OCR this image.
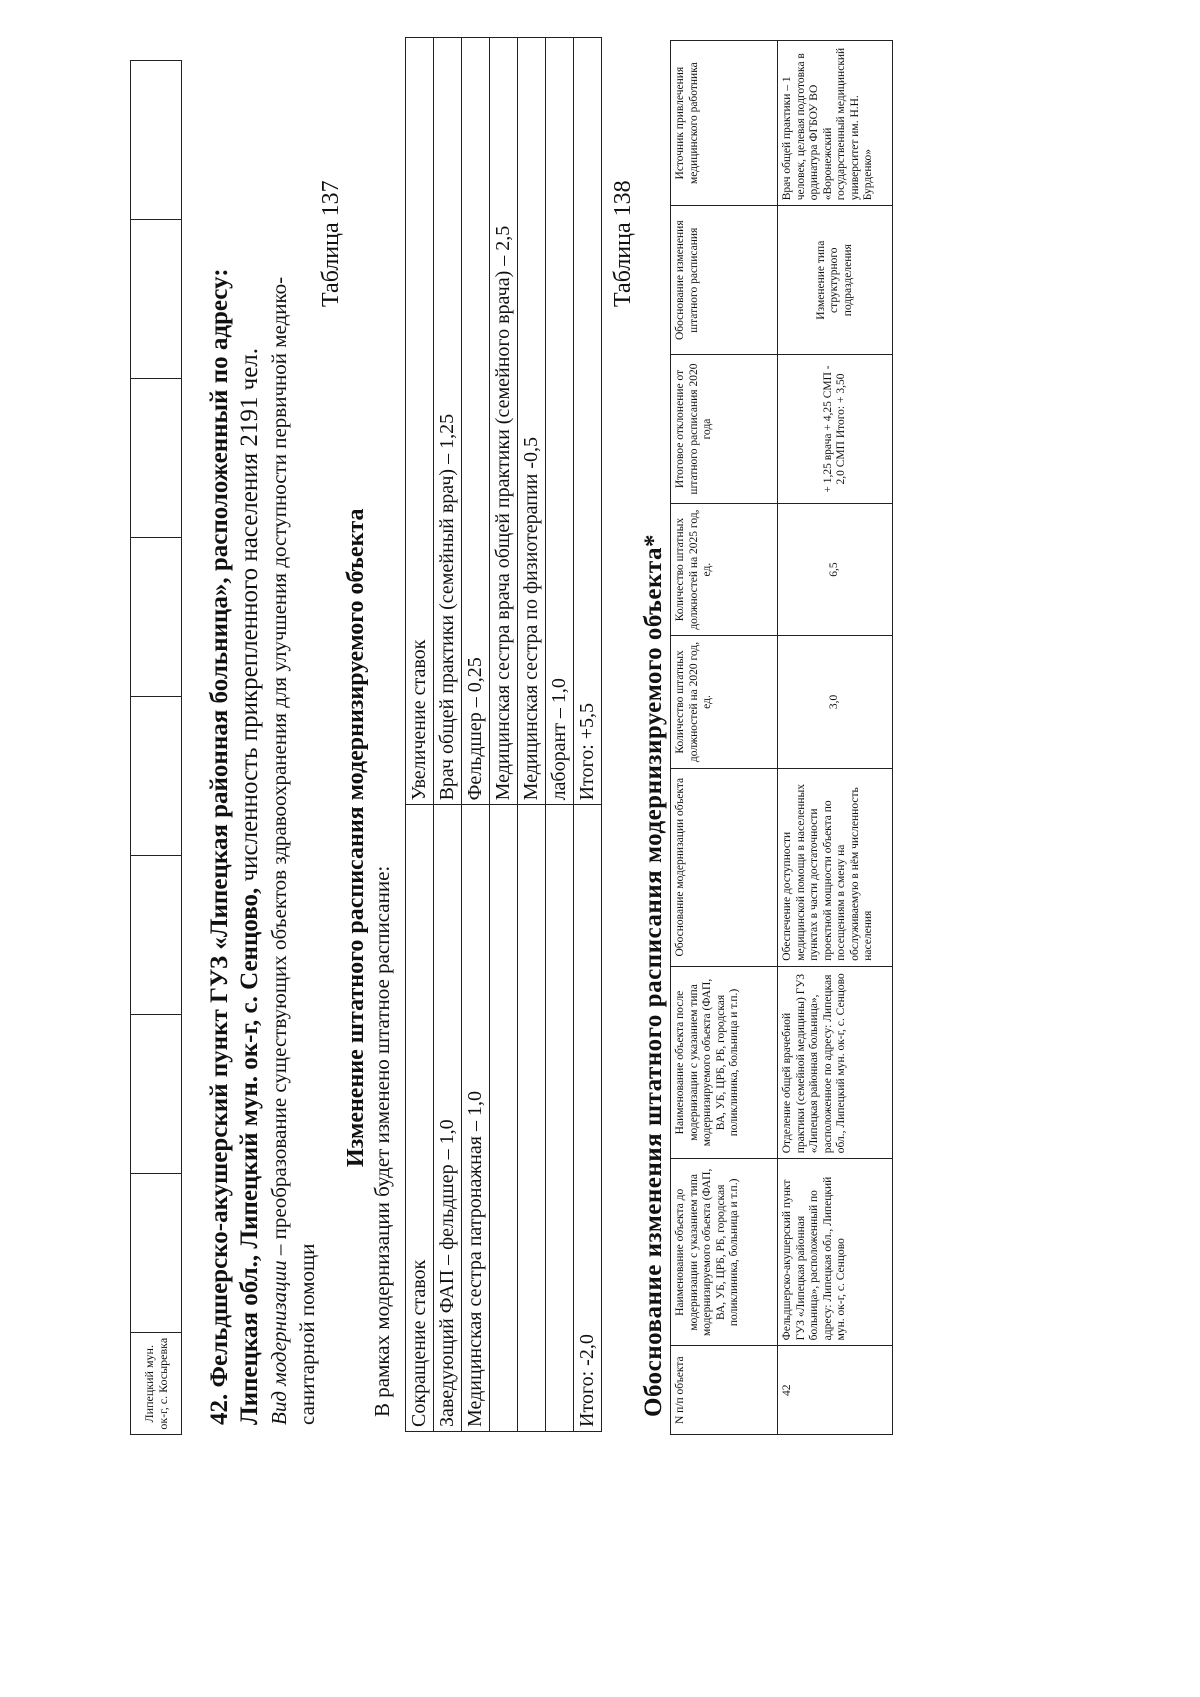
Липецкий мун. ок-г, с. Косыревка								42. Фельдшерско-акушерский пункт ГУЗ «Липецкая районная больница», расположенный по адресу: Липецкая обл., Липецкий мун. ок-г, с. Сенцово, численность прикрепленного населения 2191 чел.
Вид модернизации – преобразование существующих объектов здравоохранения для улучшения доступности первичной медико-
санитарной помощи
Таблица 137
Изменение штатного расписания модернизируемого объекта В рамках модернизации будет изменено штатное расписание: Сокращение ставок	Увеличение ставок
Заведующий ФАП – фельдшер – 1,0	Врач общей практики (семейный врач) – 1,25
Медицинская сестра патронажная – 1,0	Фельдшер – 0,25
	Медицинская сестра врача общей практики (семейного врача) – 2,5
	Медицинская сестра по физиотерапии -0,5
	лаборант – 1,0
Итого: -2,0	Итого: +5,5
Таблица 138
Обоснование изменения штатного расписания модернизируемого объекта* N п/п объекта	Наименование объекта до модернизации с указанием типа модернизируемого объекта (ФАП, ВА, УБ, ЦРБ, РБ, городская поликлиника, больница и т.п.)	Наименование объекта после модернизации с указанием типа модернизируемого объекта (ФАП, ВА, УБ, ЦРБ, РБ, городская поликлиника, больница и т.п.)	Обоснование модернизации объекта	Количество штатных должностей на 2020 год, ед.	Количество штатных должностей на 2025 год, ед.	Итоговое отклонение от штатного расписания 2020 года	Обоснование изменения штатного расписания	Источник привлечения медицинского работника
42	Фельдшерско-акушерский пункт ГУЗ «Липецкая районная больница», расположенный по адресу: Липецкая обл., Липецкий мун. ок-г, с. Сенцово	Отделение общей врачебной практики (семейной медицины) ГУЗ «Липецкая районная больница», расположенное по адресу: Липецкая обл., Липецкий мун. ок-г, с. Сенцово	Обеспечение доступности медицинской помощи в населенных пунктах в части достаточности проектной мощности объекта по посещениям в смену на обслуживаемую в нём численность населения	3,0	6,5	+ 1,25 врача + 4,25 СМП - 2,0 СМП Итого: + 3,50	Изменение типа структурного подразделения	Врач общей практики – 1 человек, целевая подготовка в ординатура ФГБОУ ВО «Воронежский государственный медицинский университет им. Н.Н. Бурденко»
